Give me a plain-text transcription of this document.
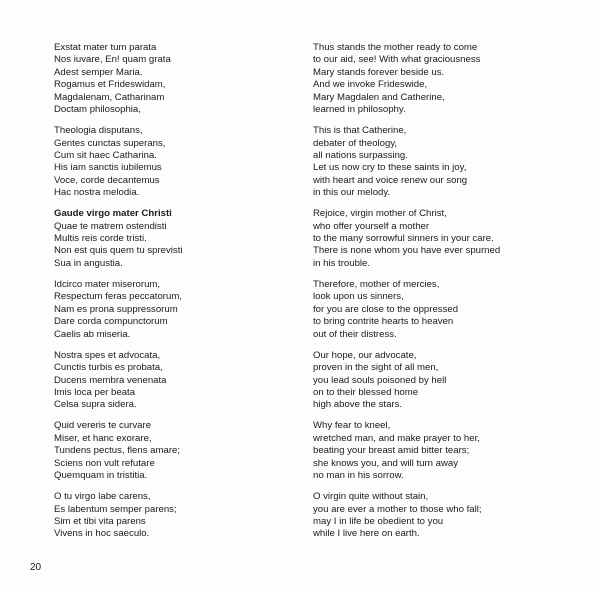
Exstat mater tum parata
Nos iuvare, En! quam grata
Adest semper Maria.
Rogamus et Frideswidam,
Magdalenam, Catharinam
Doctam philosophia,
Theologia disputans,
Gentes cunctas superans,
Cum sit haec Catharina.
His iam sanctis iubilemus
Voce, corde decantemus
Hac nostra melodia.
Gaude virgo mater Christi
Quae te matrem ostendisti
Multis reis corde tristi.
Non est quis quem tu sprevisti
Sua in angustia.
Idcirco mater miserorum,
Respectum feras peccatorum,
Nam es prona suppressorum
Dare corda compunctorum
Caelis ab miseria.
Nostra spes et advocata,
Cunctis turbis es probata,
Ducens membra venenata
Imis loca per beata
Celsa supra sidera.
Quid vereris te curvare
Miser, et hanc exorare,
Tundens pectus, flens amare;
Sciens non vult refutare
Quemquam in tristitia.
O tu virgo labe carens,
Es labentum semper parens;
Sim et tibi vita parens
Vivens in hoc saeculo.
Thus stands the mother ready to come
to our aid, see! With what graciousness
Mary stands forever beside us.
And we invoke Frideswide,
Mary Magdalen and Catherine,
learned in philosophy.
This is that Catherine,
debater of theology,
all nations surpassing.
Let us now cry to these saints in joy,
with heart and voice renew our song
in this our melody.
Rejoice, virgin mother of Christ,
who offer yourself a mother
to the many sorrowful sinners in your care.
There is none whom you have ever spurned
in his trouble.
Therefore, mother of mercies,
look upon us sinners,
for you are close to the oppressed
to bring contrite hearts to heaven
out of their distress.
Our hope, our advocate,
proven in the sight of all men,
you lead souls poisoned by hell
on to their blessed home
high above the stars.
Why fear to kneel,
wretched man, and make prayer to her,
beating your breast amid bitter tears;
she knows you, and will turn away
no man in his sorrow.
O virgin quite without stain,
you are ever a mother to those who fall;
may I in life be obedient to you
while I live here on earth.
20
